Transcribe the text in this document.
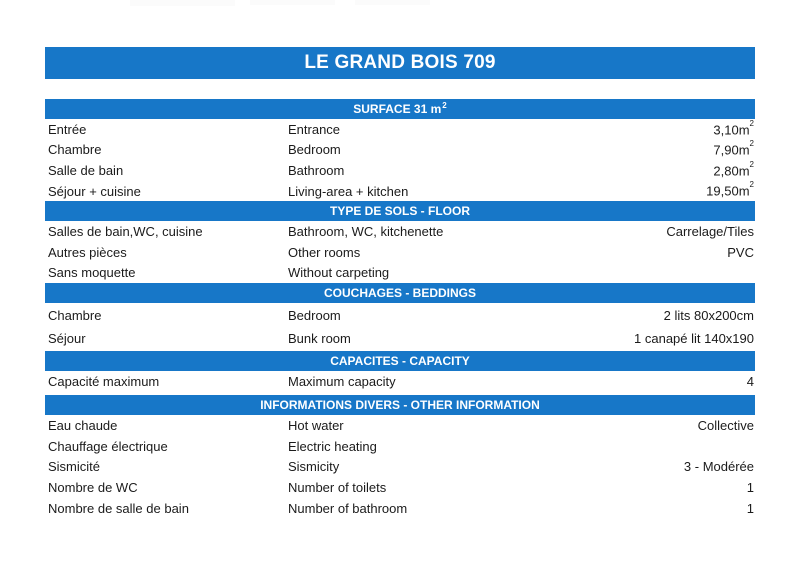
LE GRAND BOIS 709
SURFACE 31 m 2
Entrée	Entrance	$3,10m^2$
Chambre	Bedroom	$7,90m^2$
Salle de bain	Bathroom	$2,80m^2$
Séjour + cuisine	Living-area + kitchen	$19,50m^2$
TYPE DE SOLS - FLOOR
Salles de bain,WC, cuisine	Bathroom, WC, kitchenette	Carrelage/Tiles
Autres pièces	Other rooms	PVC
Sans moquette	Without carpeting
COUCHAGES - BEDDINGS
Chambre	Bedroom	2 lits 80x200cm
Séjour	Bunk room	1 canapé lit 140x190
CAPACITES - CAPACITY
Capacité maximum	Maximum capacity	4
INFORMATIONS DIVERS - OTHER INFORMATION
Eau chaude	Hot water	Collective
Chauffage électrique	Electric heating
Sismicité	Sismicity	3 - Modérée
Nombre de WC	Number of toilets	1
Nombre de salle de bain	Number of bathroom	1
